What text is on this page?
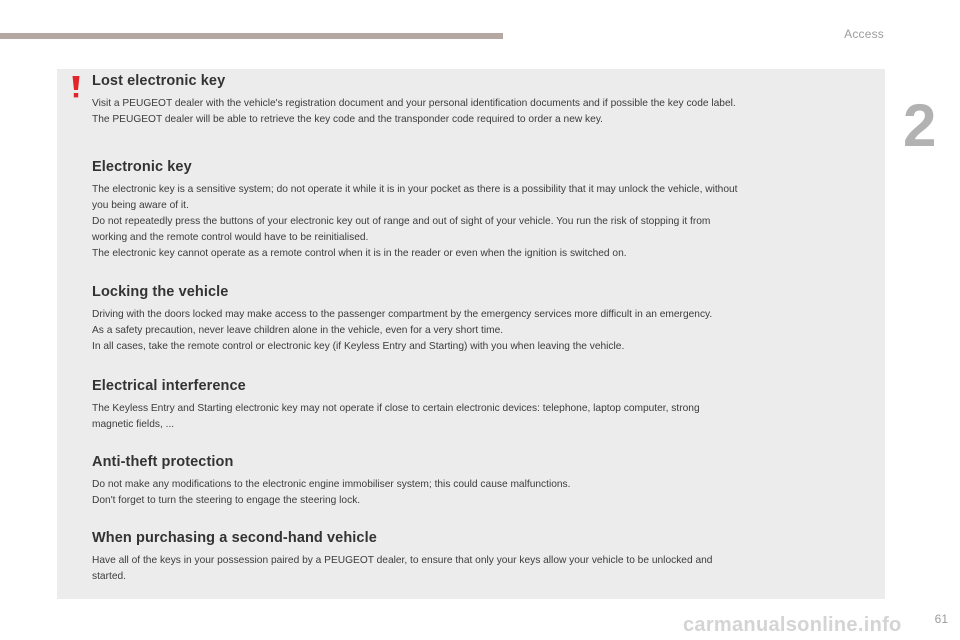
Access
2
Lost electronic key

Visit a PEUGEOT dealer with the vehicle's registration document and your personal identification documents and if possible the key code label.
The PEUGEOT dealer will be able to retrieve the key code and the transponder code required to order a new key.

Electronic key

The electronic key is a sensitive system; do not operate it while it is in your pocket as there is a possibility that it may unlock the vehicle, without
you being aware of it.
Do not repeatedly press the buttons of your electronic key out of range and out of sight of your vehicle. You run the risk of stopping it from
working and the remote control would have to be reinitialised.
The electronic key cannot operate as a remote control when it is in the reader or even when the ignition is switched on.

Locking the vehicle

Driving with the doors locked may make access to the passenger compartment by the emergency services more difficult in an emergency.
As a safety precaution, never leave children alone in the vehicle, even for a very short time.
In all cases, take the remote control or electronic key (if Keyless Entry and Starting) with you when leaving the vehicle.

Electrical interference

The Keyless Entry and Starting electronic key may not operate if close to certain electronic devices: telephone, laptop computer, strong
magnetic fields, ...

Anti-theft protection

Do not make any modifications to the electronic engine immobiliser system; this could cause malfunctions.
Don't forget to turn the steering to engage the steering lock.

When purchasing a second-hand vehicle

Have all of the keys in your possession paired by a PEUGEOT dealer, to ensure that only your keys allow your vehicle to be unlocked and
started.

carmanualsonline.info	61
